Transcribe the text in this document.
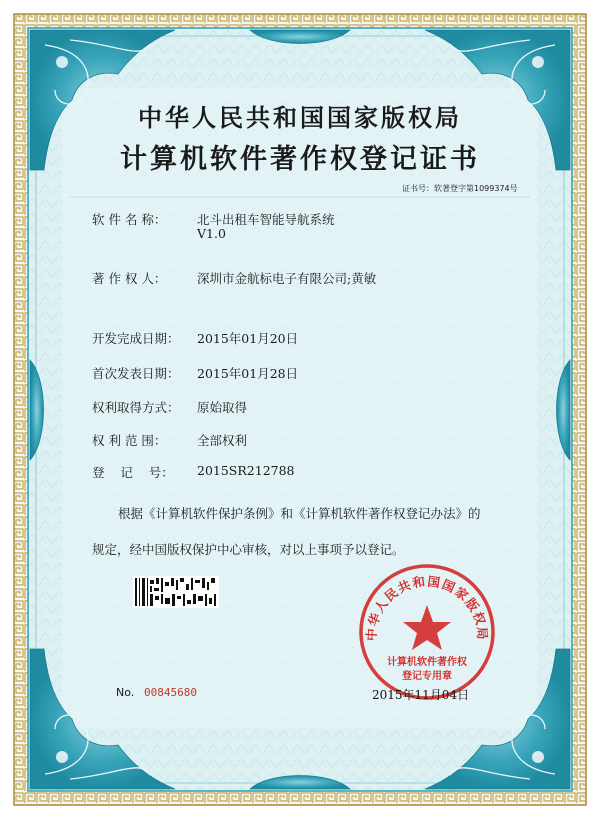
中华人民共和国国家版权局
计算机软件著作权登记证书
证书号：软著登字第1099374号
软 件 名 称： 北斗出租车智能导航系统
V1.0
著 作 权 人： 深圳市金航标电子有限公司;黄敏
开发完成日期： 2015年01月20日
首次发表日期： 2015年01月28日
权利取得方式： 原始取得
权 利 范 围： 全部权利
登    记    号： 2015SR212788
根据《计算机软件保护条例》和《计算机软件著作权登记办法》的
规定，经中国版权保护中心审核，对以上事项予以登记。
No. 00845680
中华人民共和国国家版权局
计算机软件著作权
登记专用章
2015年11月04日
